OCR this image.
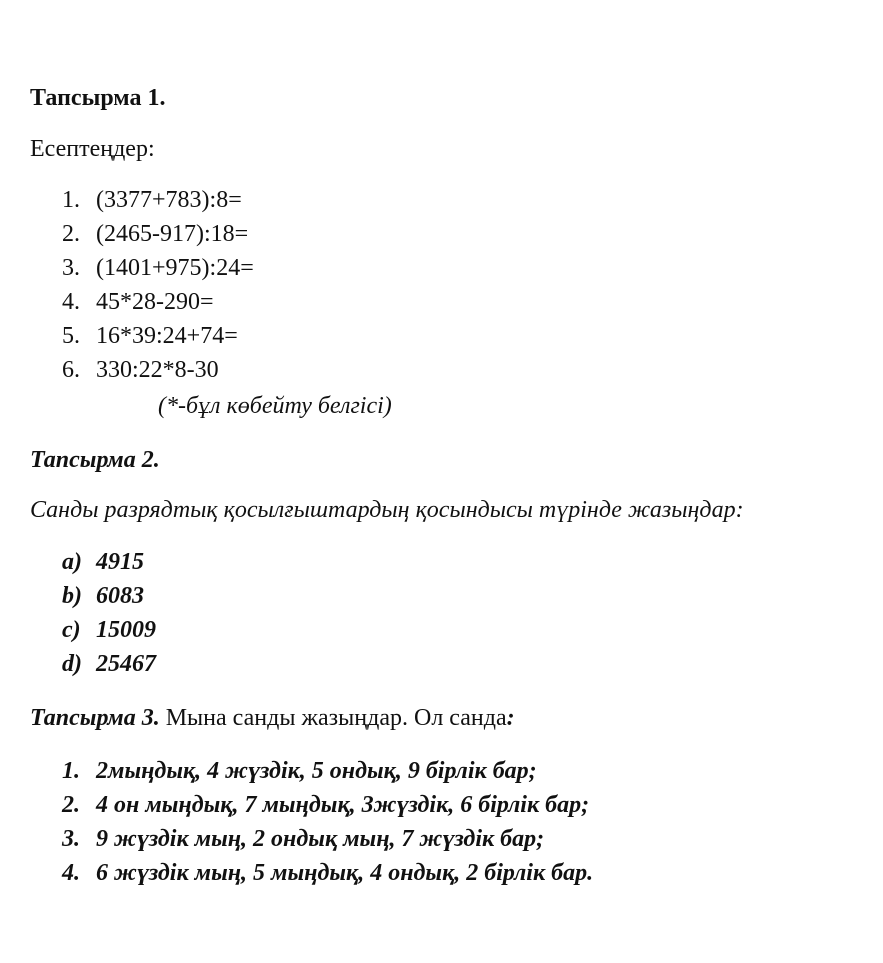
Тапсырма 1.
Есептеңдер:
1. (3377+783):8=
2. (2465-917):18=
3. (1401+975):24=
4. 45*28-290=
5. 16*39:24+74=
6. 330:22*8-30
(*-бұл көбейту белгісі)
Тапсырма 2.
Санды разрядтық қосылғыштардың қосындысы түрінде жазыңдар:
a) 4915
b) 6083
c) 15009
d) 25467
Тапсырма 3. Мына санды жазыңдар. Ол санда:
1. 2мыңдық, 4 жүздік, 5 ондық, 9 бірлік бар;
2. 4 он мыңдық, 7 мыңдық, 3жүздік, 6 бірлік бар;
3. 9 жүздік мың, 2 ондық мың, 7 жүздік бар;
4. 6 жүздік мың, 5 мыңдық, 4 ондық, 2 бірлік бар.
